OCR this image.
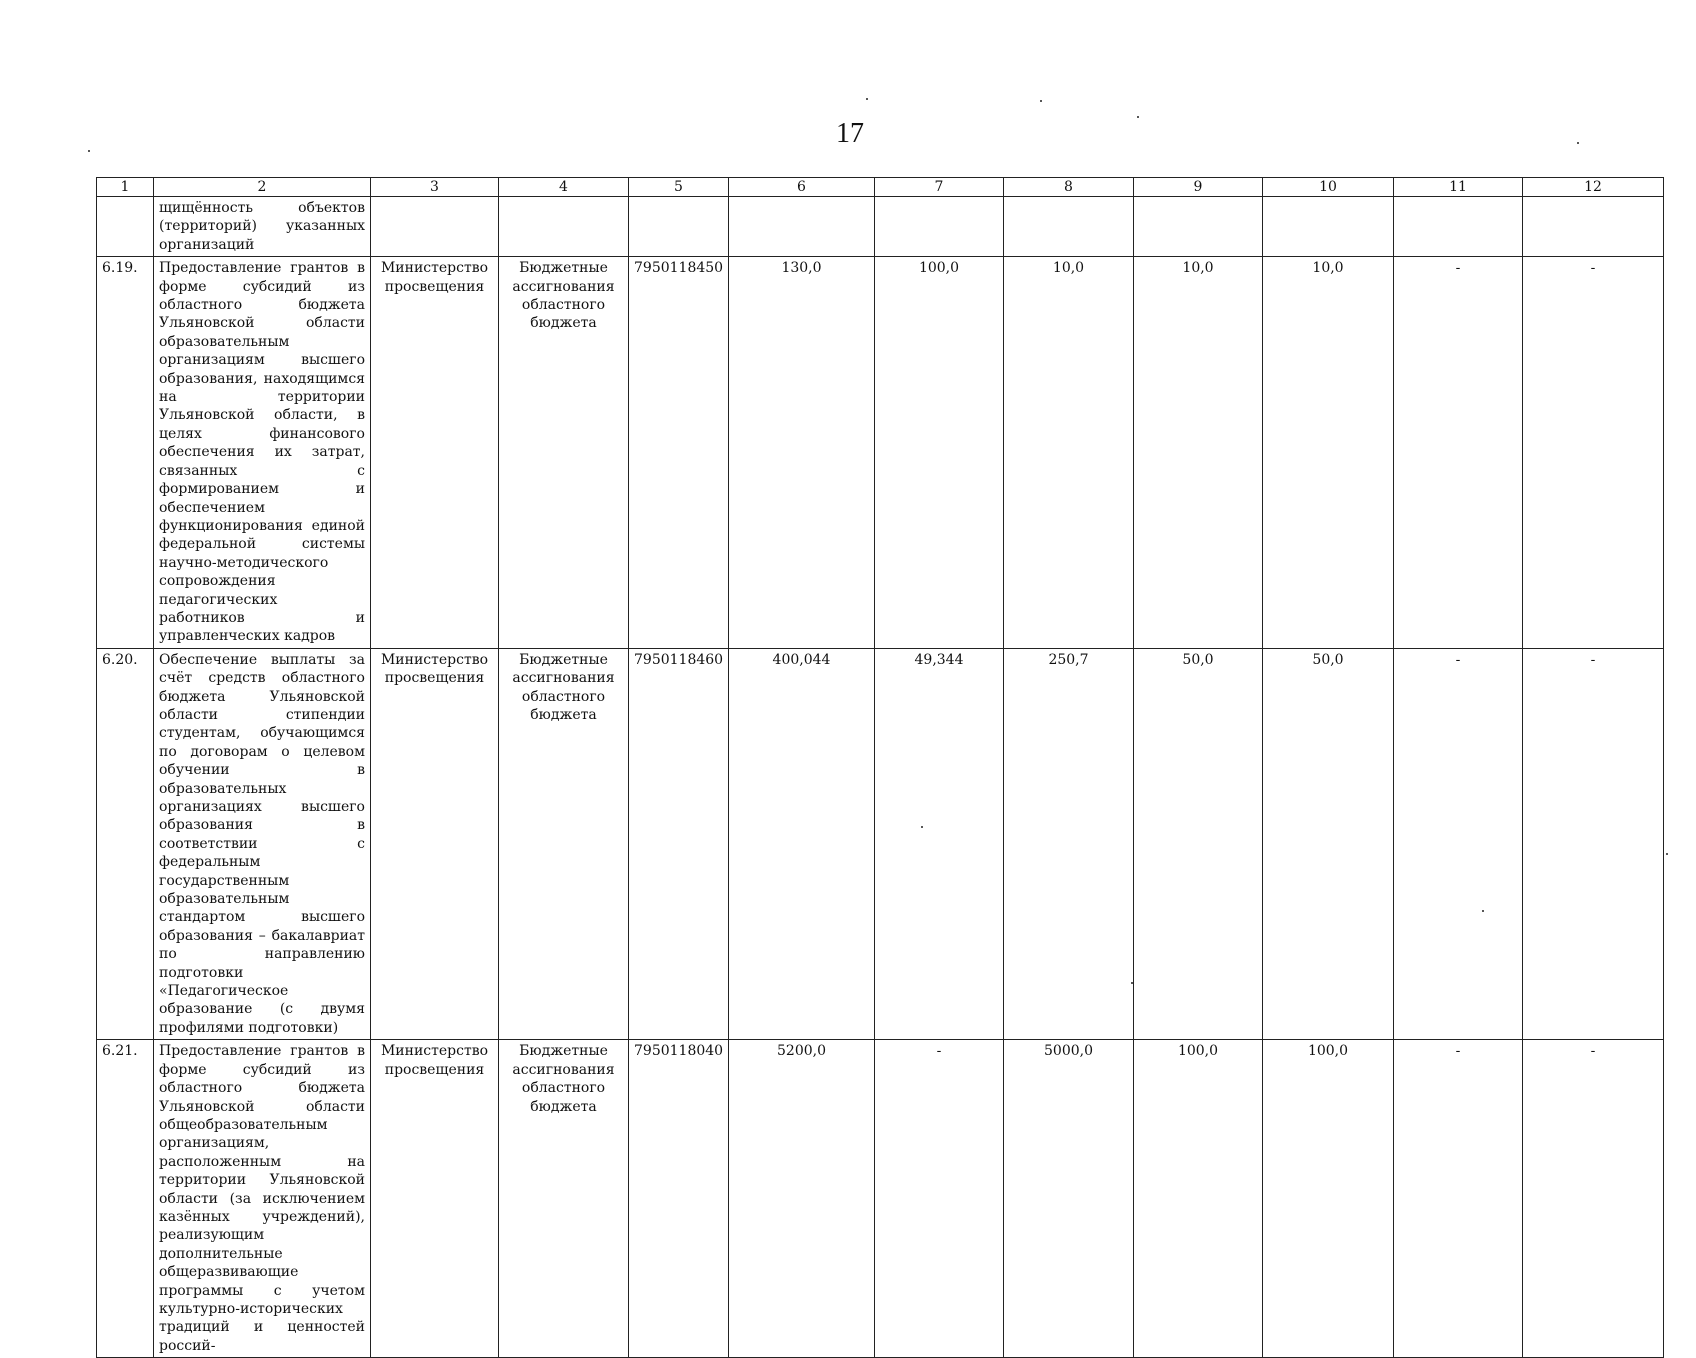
17
1	2	3	4	5	6	7	8	9	10	11	12
	щищённость объектов (территорий) указанных организаций										
6.19.	Предоставление грантов в форме субсидий из областного бюджета Ульяновской области образовательным организациям высшего образования, находящимся на территории Ульяновской области, в целях финансового обеспечения их затрат, связанных с формированием и обеспечением функционирования единой федеральной системы научно-методического сопровождения педагогических работников и управленческих кадров	Министерство просвещения	Бюджетные ассигнования областного бюджета	7950118450	130,0	100,0	10,0	10,0	10,0	-	-
6.20.	Обеспечение выплаты за счёт средств областного бюджета Ульяновской области стипендии студентам, обучающимся по договорам о целевом обучении в образовательных организациях высшего образования в соответствии с федеральным государственным образовательным стандартом высшего образования – бакалавриат по направлению подготовки «Педагогическое образование (с двумя профилями подготовки)	Министерство просвещения	Бюджетные ассигнования областного бюджета	7950118460	400,044	49,344	250,7	50,0	50,0	-	-
6.21.	Предоставление грантов в форме субсидий из областного бюджета Ульяновской области общеобразовательным организациям, расположенным на территории Ульяновской области (за исключением казённых учреждений), реализующим дополнительные общеразвивающие программы с учетом культурно-исторических традиций и ценностей россий-	Министерство просвещения	Бюджетные ассигнования областного бюджета	7950118040	5200,0	-	5000,0	100,0	100,0	-	-
